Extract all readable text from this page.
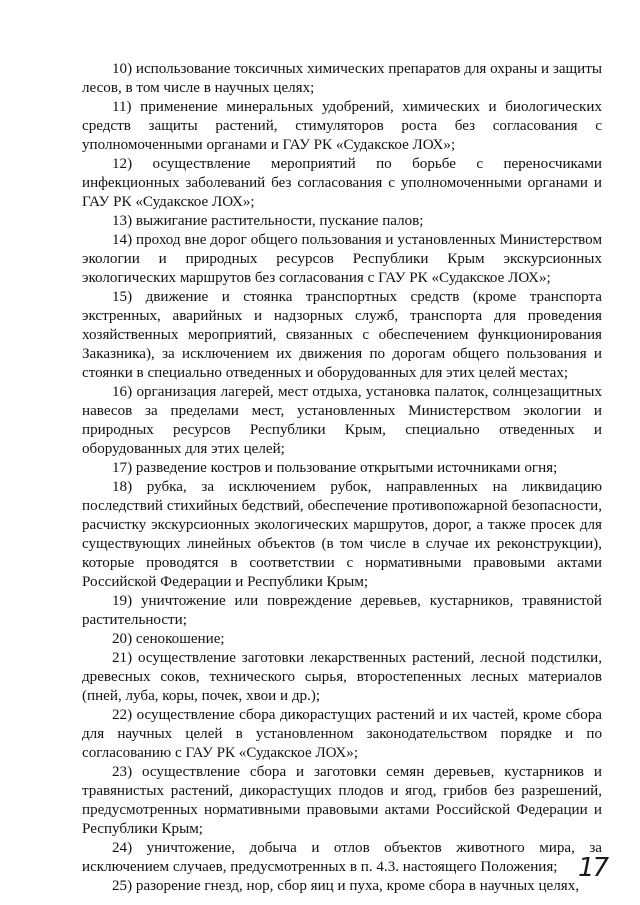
10) использование токсичных химических препаратов для охраны и защиты лесов, в том числе в научных целях;

11) применение минеральных удобрений, химических и биологических средств защиты растений, стимуляторов роста без согласования с уполномоченными органами и ГАУ РК «Судакское ЛОХ»;

12) осуществление мероприятий по борьбе с переносчиками инфекционных заболеваний без согласования с уполномоченными органами и ГАУ РК «Судакское ЛОХ»;

13) выжигание растительности, пускание палов;

14) проход вне дорог общего пользования и установленных Министерством экологии и природных ресурсов Республики Крым экскурсионных экологических маршрутов без согласования с ГАУ РК «Судакское ЛОХ»;

15) движение и стоянка транспортных средств (кроме транспорта экстренных, аварийных и надзорных служб, транспорта для проведения хозяйственных мероприятий, связанных с обеспечением функционирования Заказника), за исключением их движения по дорогам общего пользования и стоянки в специально отведенных и оборудованных для этих целей местах;

16) организация лагерей, мест отдыха, установка палаток, солнцезащитных навесов за пределами мест, установленных Министерством экологии и природных ресурсов Республики Крым, специально отведенных и оборудованных для этих целей;

17) разведение костров и пользование открытыми источниками огня;

18) рубка, за исключением рубок, направленных на ликвидацию последствий стихийных бедствий, обеспечение противопожарной безопасности, расчистку экскурсионных экологических маршрутов, дорог, а также просек для существующих линейных объектов (в том числе в случае их реконструкции), которые проводятся в соответствии с нормативными правовыми актами Российской Федерации и Республики Крым;

19) уничтожение или повреждение деревьев, кустарников, травянистой растительности;

20) сенокошение;

21) осуществление заготовки лекарственных растений, лесной подстилки, древесных соков, технического сырья, второстепенных лесных материалов (пней, луба, коры, почек, хвои и др.);

22) осуществление сбора дикорастущих растений и их частей, кроме сбора для научных целей в установленном законодательством порядке и по согласованию с ГАУ РК «Судакское ЛОХ»;

23) осуществление сбора и заготовки семян деревьев, кустарников и травянистых растений, дикорастущих плодов и ягод, грибов без разрешений, предусмотренных нормативными правовыми актами Российской Федерации и Республики Крым;

24) уничтожение, добыча и отлов объектов животного мира, за исключением случаев, предусмотренных в п. 4.3. настоящего Положения;

25) разорение гнезд, нор, сбор яиц и пуха, кроме сбора в научных целях,

17
